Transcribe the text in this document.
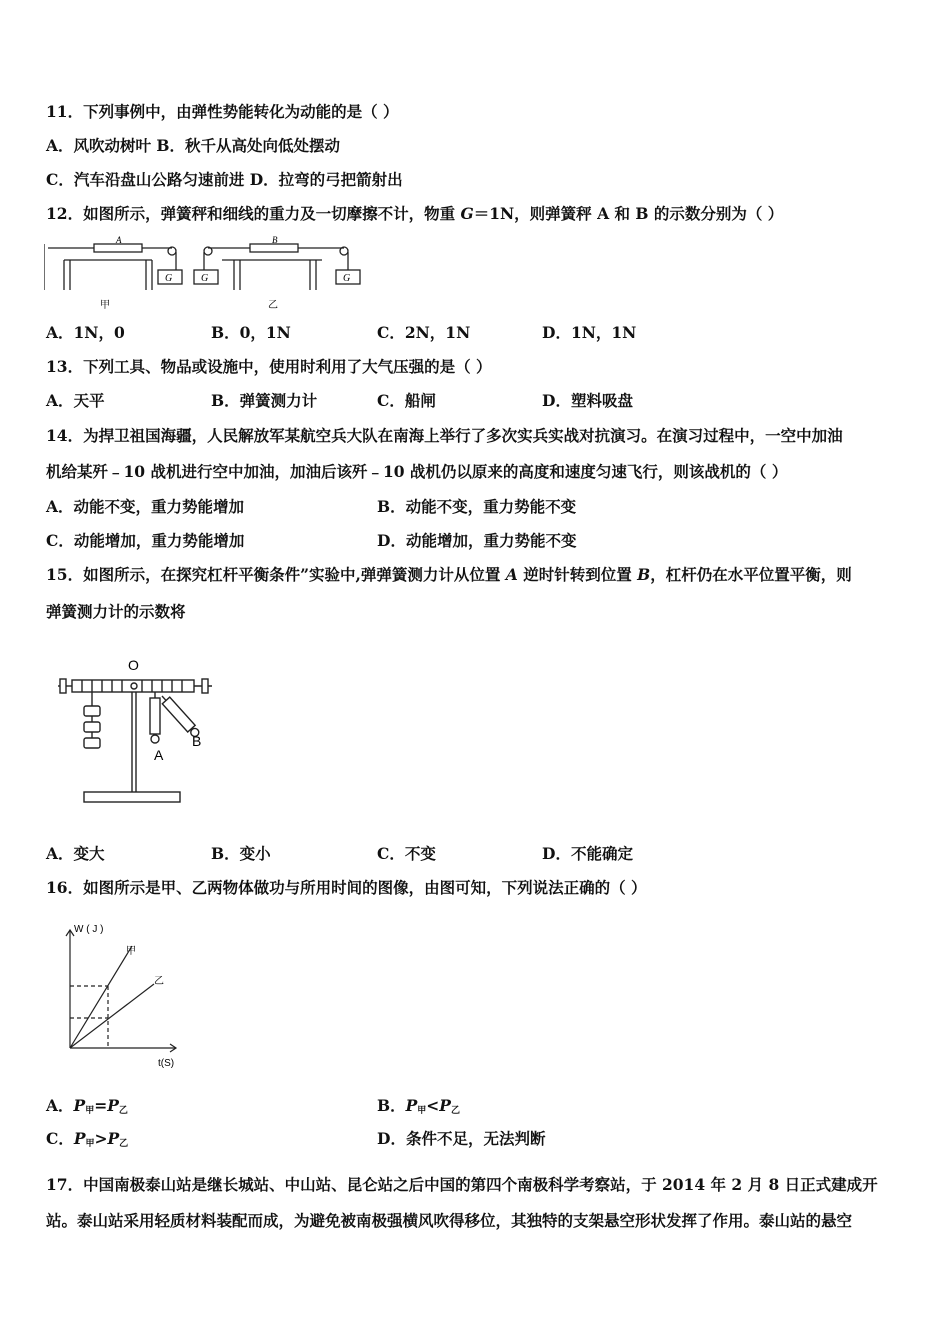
11．下列事例中，由弹性势能转化为动能的是（ ）
A．风吹动树叶 B．秋千从高处向低处摆动
C．汽车沿盘山公路匀速前进 D．拉弯的弓把箭射出
12．如图所示，弹簧秤和细线的重力及一切摩擦不计，物重 G＝1N，则弹簧秤 A 和 B 的示数分别为（ ）
A
G
甲
B
G	G
乙
A．1N，0	B．0，1N	C．2N，1N	D．1N，1N
13．下列工具、物品或设施中，使用时利用了大气压强的是（ ）
A．天平	B．弹簧测力计	C．船闸	D．塑料吸盘
14．为捍卫祖国海疆，人民解放军某航空兵大队在南海上举行了多次实兵实战对抗演习。在演习过程中，一空中加油
机给某歼﹣10 战机进行空中加油，加油后该歼﹣10 战机仍以原来的高度和速度匀速飞行，则该战机的（ ）
A．动能不变，重力势能增加	B．动能不变，重力势能不变
C．动能增加，重力势能增加	D．动能增加，重力势能不变
15．如图所示，在探究杠杆平衡条件”实验中,弹弹簧测力计从位置 A 逆时针转到位置 B，杠杆仍在水平位置平衡，则
弹簧测力计的示数将
O
A
B
A．变大	B．变小	C．不变	D．不能确定
16．如图所示是甲、乙两物体做功与所用时间的图像，由图可知，下列说法正确的（ ）
W ( J )
t(S)
甲
乙
A．$P_甲=P_乙$	B．$P_甲<P_乙$
C．$P_甲>P_乙$	D．条件不足，无法判断
17．中国南极泰山站是继长城站、中山站、昆仑站之后中国的第四个南极科学考察站，于 2014 年 2 月 8 日正式建成开
站。泰山站采用轻质材料装配而成，为避免被南极强横风吹得移位，其独特的支架悬空形状发挥了作用。泰山站的悬空
